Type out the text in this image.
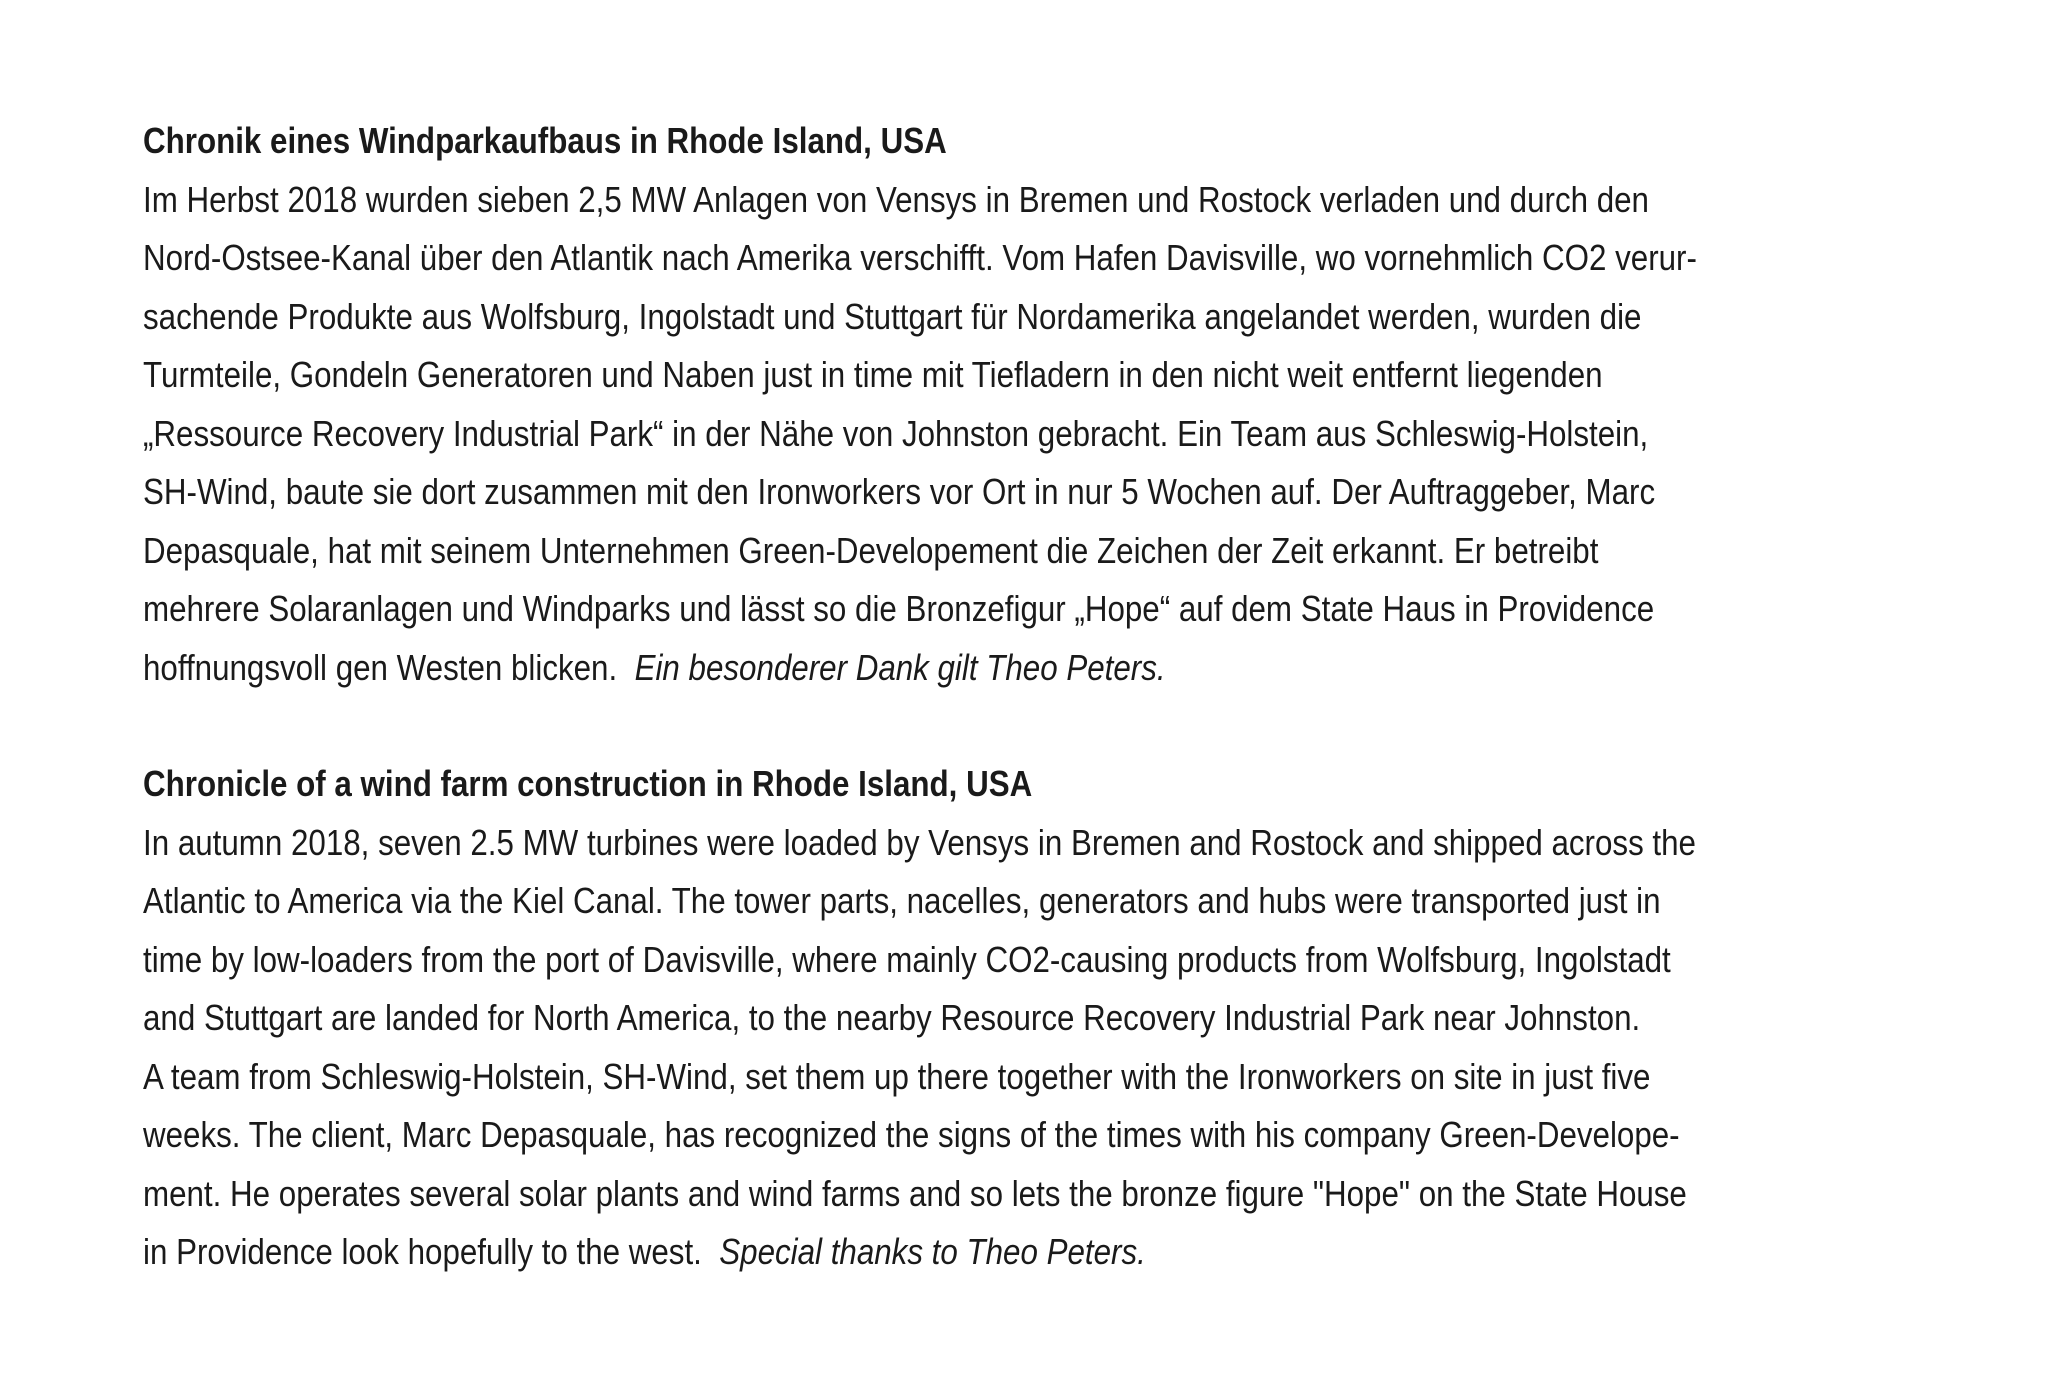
Chronik eines Windparkaufbaus in Rhode Island, USA
Im Herbst 2018 wurden sieben 2,5 MW Anlagen von Vensys in Bremen und Rostock verladen und durch den
Nord-Ostsee-Kanal über den Atlantik nach Amerika verschifft. Vom Hafen Davisville, wo vornehmlich CO2 verur-
sachende Produkte aus Wolfsburg, Ingolstadt und Stuttgart für Nordamerika angelandet werden, wurden die
Turmteile, Gondeln Generatoren und Naben just in time mit Tiefladern in den nicht weit entfernt liegenden
„Ressource Recovery Industrial Park“ in der Nähe von Johnston gebracht. Ein Team aus Schleswig-Holstein,
SH-Wind, baute sie dort zusammen mit den Ironworkers vor Ort in nur 5 Wochen auf. Der Auftraggeber, Marc
Depasquale, hat mit seinem Unternehmen Green-Developement die Zeichen der Zeit erkannt. Er betreibt
mehrere Solaranlagen und Windparks und lässt so die Bronzefigur „Hope“ auf dem State Haus in Providence
hoffnungsvoll gen Westen blicken.  Ein besonderer Dank gilt Theo Peters.
Chronicle of a wind farm construction in Rhode Island, USA
In autumn 2018, seven 2.5 MW turbines were loaded by Vensys in Bremen and Rostock and shipped across the
Atlantic to America via the Kiel Canal. The tower parts, nacelles, generators and hubs were transported just in
time by low-loaders from the port of Davisville, where mainly CO2-causing products from Wolfsburg, Ingolstadt
and Stuttgart are landed for North America, to the nearby Resource Recovery Industrial Park near Johnston.
A team from Schleswig-Holstein, SH-Wind, set them up there together with the Ironworkers on site in just five
weeks. The client, Marc Depasquale, has recognized the signs of the times with his company Green-Develope-
ment. He operates several solar plants and wind farms and so lets the bronze figure "Hope" on the State House
in Providence look hopefully to the west.  Special thanks to Theo Peters.
